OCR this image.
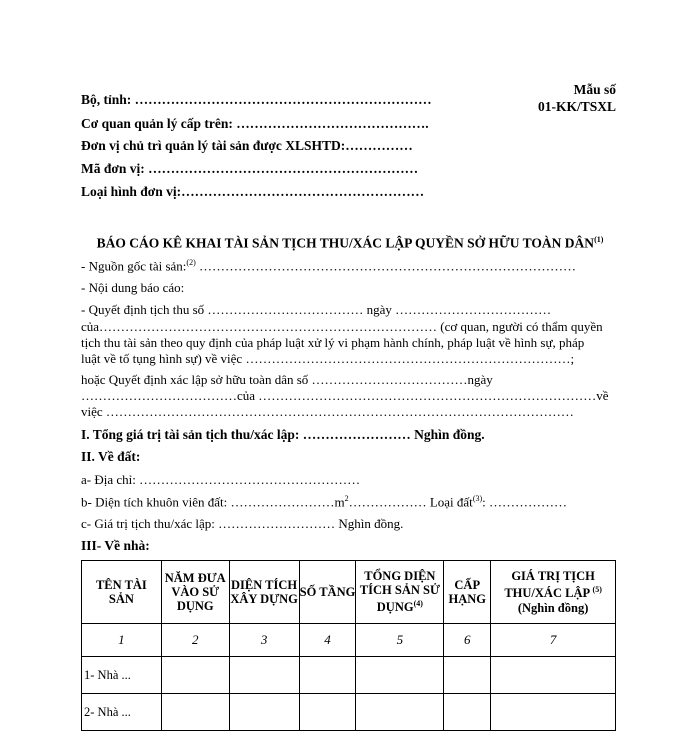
Bộ, tỉnh: …………………………………………………………
Cơ quan quản lý cấp trên: …………………………………….
Đơn vị chủ trì quản lý tài sản được XLSHTD:……………
Mã đơn vị: ……………………………………………………
Loại hình đơn vị:………………………………………………
Mẫu số
01-KK/TSXL
BÁO CÁO KÊ KHAI TÀI SẢN TỊCH THU/XÁC LẬP QUYỀN SỞ HỮU TOÀN DÂN$^{(1)}$
- Nguồn gốc tài sản:$^{(2)}$ ……………………………………………………………………………
- Nội dung báo cáo:
- Quyết định tịch thu số ……………………………… ngày ………………………………
của…………………………………………………………………… (cơ quan, người có thẩm quyền
tịch thu tài sản theo quy định của pháp luật xử lý vi phạm hành chính, pháp luật về hình sự, pháp
luật về tố tụng hình sự) về việc …………………………………………………………………;
hoặc Quyết định xác lập sở hữu toàn dân số ………………………………ngày
………………………………của ……………………………………………………………………về
việc ………………………………………………………………………………………………
I. Tổng giá trị tài sản tịch thu/xác lập: …………………… Nghìn đồng.
II. Về đất:
a- Địa chỉ: ……………………………………………
b- Diện tích khuôn viên đất: $\dots\dots\dots\dots\dots\dots\dots\dots m^2\dots\dots\dots\dots\dots\dots$ Loại đất$^{(3)}$: ………………
c- Giá trị tịch thu/xác lập: ……………………… Nghìn đồng.
III- Về nhà:
TÊN TÀI SẢN	NĂM ĐƯA VÀO SỬ DỤNG	DIỆN TÍCH XÂY DỰNG	SỐ TẦNG	TỔNG DIỆN TÍCH SẢN SỬ DỤNG$^{(4)}$	CẤP HẠNG	GIÁ TRỊ TỊCH THU/XÁC LẬP $^{(5)}$ (Nghìn đồng)
1	2	3	4	5	6	7
1- Nhà ...						
2- Nhà ...						
